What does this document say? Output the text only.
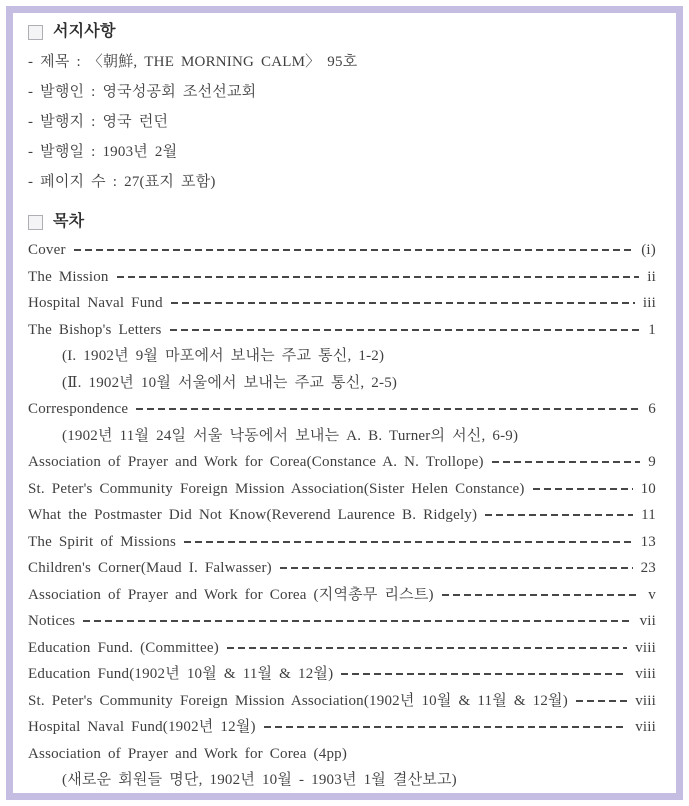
서지사항
- 제목 : 〈朝鮮, THE MORNING CALM〉 95호
- 발행인 : 영국성공회 조선선교회
- 발행지 : 영국 런던
- 발행일 : 1903년 2월
- 페이지 수 : 27(표지 포함)
목차
Cover	(i)
The Mission	ii
Hospital Naval Fund	iii
The Bishop's Letters	1
(I. 1902년 9월 마포에서 보내는 주교 통신, 1-2)
(Ⅱ. 1902년 10월 서울에서 보내는 주교 통신, 2-5)
Correspondence	6
(1902년 11월 24일 서울 낙동에서 보내는 A. B. Turner의 서신, 6-9)
Association of Prayer and Work for Corea(Constance A. N. Trollope)	9
St. Peter's Community Foreign Mission Association(Sister Helen Constance)	10
What the Postmaster Did Not Know(Reverend Laurence B. Ridgely)	11
The Spirit of Missions	13
Children's Corner(Maud I. Falwasser)	23
Association of Prayer and Work for Corea (지역총무 리스트)	v
Notices	vii
Education Fund. (Committee)	viii
Education Fund(1902년 10월 & 11월 & 12월)	viii
St. Peter's Community Foreign Mission Association(1902년 10월 & 11월 & 12월)	viii
Hospital Naval Fund(1902년 12월)	viii
Association of Prayer and Work for Corea (4pp)
(새로운 회원들 명단, 1902년 10월 - 1903년 1월 결산보고)
